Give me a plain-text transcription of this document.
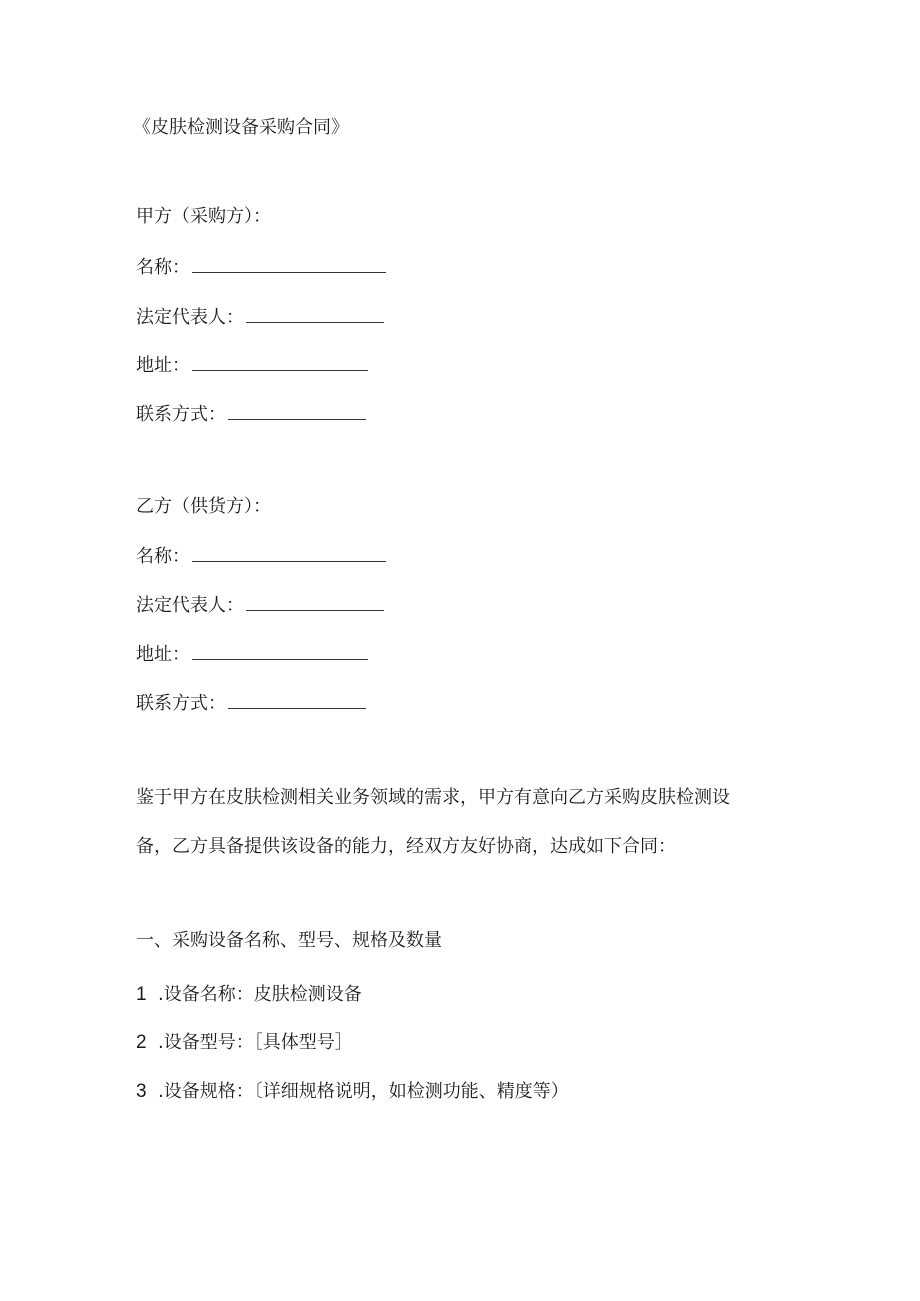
《皮肤检测设备采购合同》
甲方（采购方）：
名称：
法定代表人：
地址：
联系方式：
乙方（供货方）：
名称：
法定代表人：
地址：
联系方式：
鉴于甲方在皮肤检测相关业务领域的需求，甲方有意向乙方采购皮肤检测设
备，乙方具备提供该设备的能力，经双方友好协商，达成如下合同：
一、采购设备名称、型号、规格及数量
1 .设备名称：皮肤检测设备
2 .设备型号：［具体型号］
3 .设备规格：〔详细规格说明，如检测功能、精度等）
